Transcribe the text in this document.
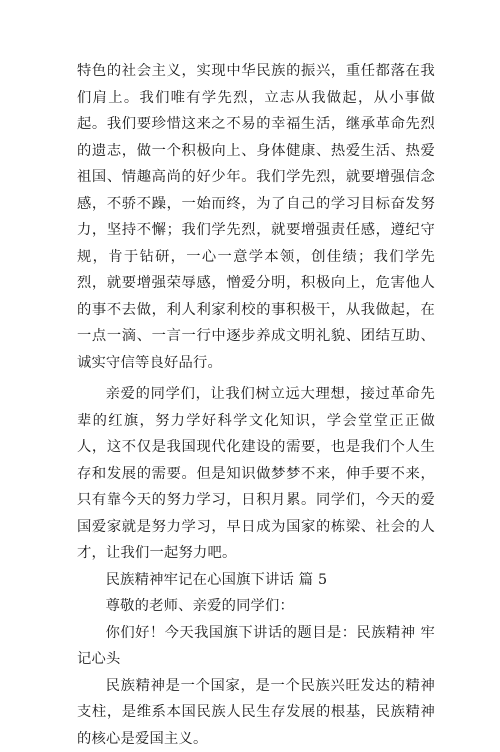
特色的社会主义，实现中华民族的振兴，重任都落在我们肩上。我们唯有学先烈，立志从我做起，从小事做起。我们要珍惜这来之不易的幸福生活，继承革命先烈的遗志，做一个积极向上、身体健康、热爱生活、热爱祖国、情趣高尚的好少年。我们学先烈，就要增强信念感，不骄不躁，一始而终，为了自己的学习目标奋发努力，坚持不懈；我们学先烈，就要增强责任感，遵纪守规，肯于钻研，一心一意学本领，创佳绩；我们学先烈，就要增强荣辱感，憎爱分明，积极向上，危害他人的事不去做，利人利家利校的事积极干，从我做起，在一点一滴、一言一行中逐步养成文明礼貌、团结互助、诚实守信等良好品行。

亲爱的同学们，让我们树立远大理想，接过革命先辈的红旗，努力学好科学文化知识，学会堂堂正正做人，这不仅是我国现代化建设的需要，也是我们个人生存和发展的需要。但是知识做梦梦不来，伸手要不来，只有靠今天的努力学习，日积月累。同学们，今天的爱国爱家就是努力学习，早日成为国家的栋梁、社会的人才，让我们一起努力吧。

民族精神牢记在心国旗下讲话 篇 5

尊敬的老师、亲爱的同学们：

你们好！今天我国旗下讲话的题目是：民族精神 牢记心头

民族精神是一个国家，是一个民族兴旺发达的精神支柱，是维系本国民族人民生存发展的根基，民族精神的核心是爱国主义。
